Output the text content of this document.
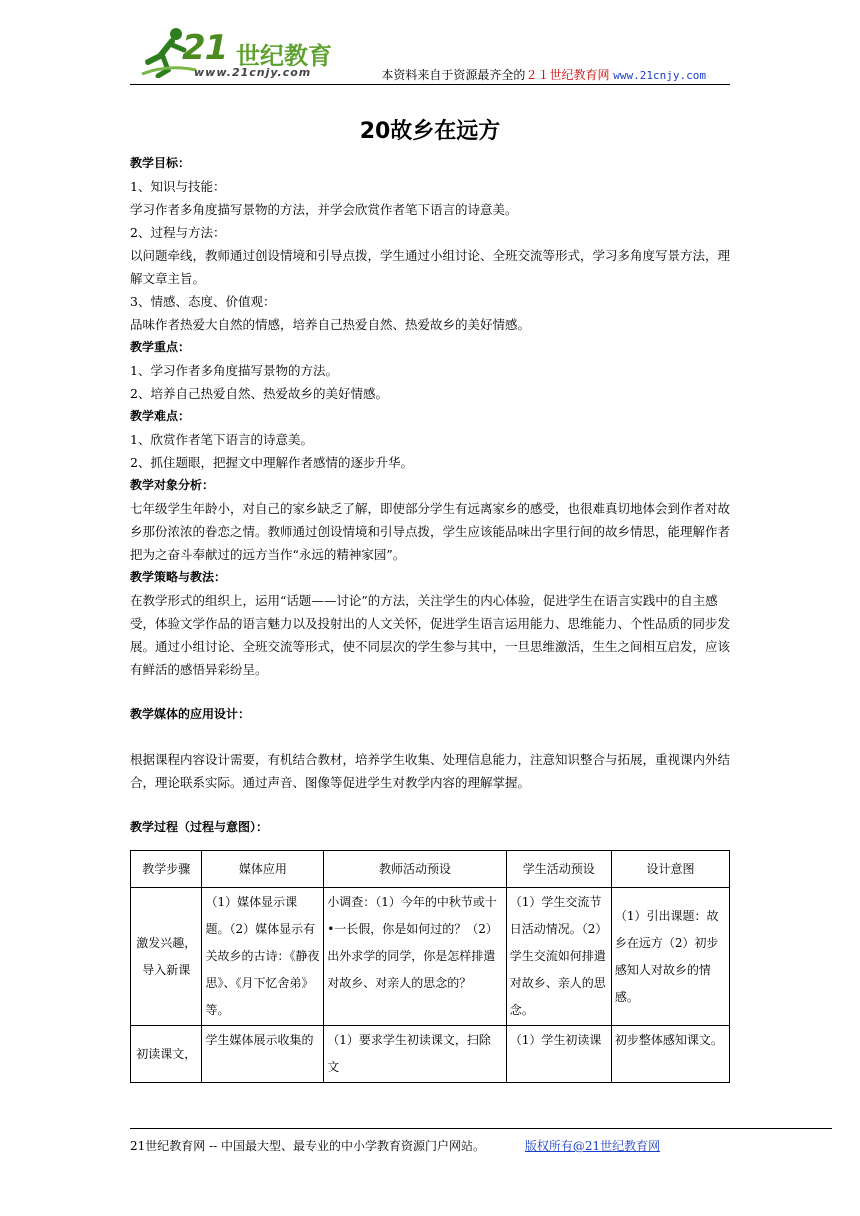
21 世纪教育
www.21cnjy.com	本资料来自于资源最齐全的２１世纪教育网 www.21cnjy.com
20故乡在远方

教学目标：

1、知识与技能：

学习作者多角度描写景物的方法，并学会欣赏作者笔下语言的诗意美。

2、过程与方法：

以问题牵线，教师通过创设情境和引导点拨，学生通过小组讨论、全班交流等形式，学习多角度写景方法，理解文章主旨。

3、情感、态度、价值观：

品味作者热爱大自然的情感，培养自己热爱自然、热爱故乡的美好情感。

教学重点：

1、学习作者多角度描写景物的方法。

2、培养自己热爱自然、热爱故乡的美好情感。

教学难点：

1、欣赏作者笔下语言的诗意美。

2、抓住题眼，把握文中理解作者感情的逐步升华。

教学对象分析：

七年级学生年龄小，对自己的家乡缺乏了解，即使部分学生有远离家乡的感受，也很难真切地体会到作者对故乡那份浓浓的眷恋之情。教师通过创设情境和引导点拨，学生应该能品味出字里行间的故乡情思，能理解作者把为之奋斗奉献过的远方当作“永远的精神家园”。

教学策略与教法：

在教学形式的组织上，运用“话题——讨论”的方法，关注学生的内心体验，促进学生在语言实践中的自主感受，体验文学作品的语言魅力以及投射出的人文关怀，促进学生语言运用能力、思维能力、个性品质的同步发展。通过小组讨论、全班交流等形式，使不同层次的学生参与其中，一旦思维激活，生生之间相互启发，应该有鲜活的感悟异彩纷呈。

教学媒体的应用设计：

根据课程内容设计需要，有机结合教材，培养学生收集、处理信息能力，注意知识整合与拓展，重视课内外结合，理论联系实际。通过声音、图像等促进学生对教学内容的理解掌握。

教学过程（过程与意图）：

教学步骤	媒体应用	教师活动预设	学生活动预设	设计意图
激发兴趣，导入新课	（1）媒体显示课题。（2）媒体显示有关故乡的古诗：《静夜思》、《月下忆舍弟》等。	小调查：（1）今年的中秋节或十•一长假，你是如何过的？（2）出外求学的同学，你是怎样排遣对故乡、对亲人的思念的？	（1）学生交流节日活动情况。（2）学生交流如何排遣对故乡、亲人的思念。	（1）引出课题：故乡在远方（2）初步感知人对故乡的情感。
初读课文，	学生媒体展示收集的	（1）要求学生初读课文，扫除文	（1）学生初读课	初步整体感知课文。
21世纪教育网 -- 中国最大型、最专业的中小学教育资源门户网站。	版权所有@21世纪教育网
